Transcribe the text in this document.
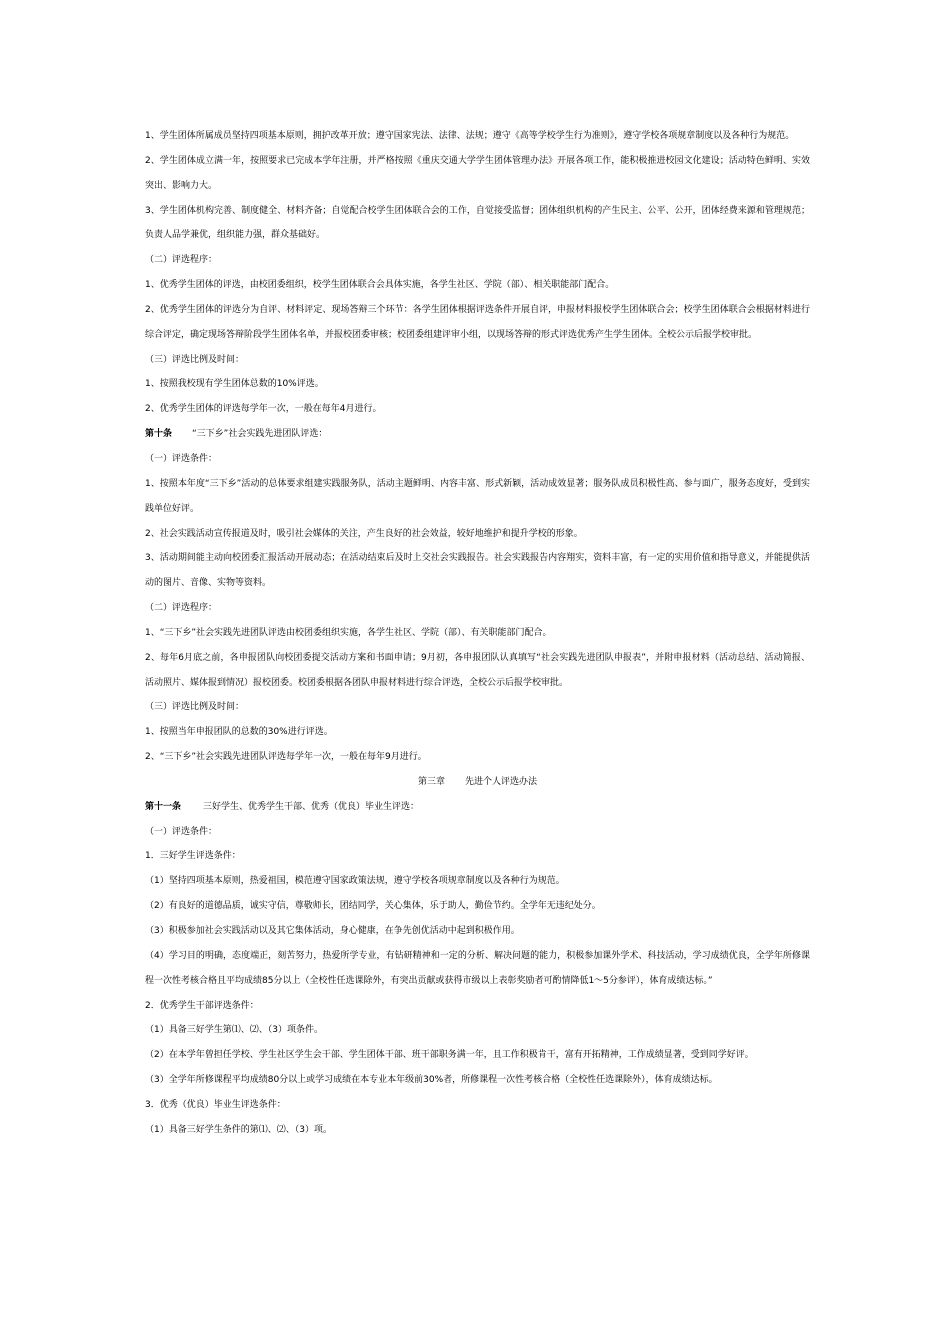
1、学生团体所属成员坚持四项基本原则，拥护改革开放；遵守国家宪法、法律、法规；遵守《高等学校学生行为准则》，遵守学校各项规章制度以及各种行为规范。

2、学生团体成立满一年，按照要求已完成本学年注册，并严格按照《重庆交通大学学生团体管理办法》开展各项工作，能积极推进校园文化建设；活动特色鲜明、实效突出、影响力大。

3、学生团体机构完善、制度健全、材料齐备；自觉配合校学生团体联合会的工作，自觉接受监督；团体组织机构的产生民主、公平、公开，团体经费来源和管理规范；负责人品学兼优，组织能力强，群众基础好。

（二）评选程序：

1、优秀学生团体的评选，由校团委组织，校学生团体联合会具体实施，各学生社区、学院（部）、相关职能部门配合。

2、优秀学生团体的评选分为自评、材料评定、现场答辩三个环节：各学生团体根据评选条件开展自评，申报材料报校学生团体联合会；校学生团体联合会根据材料进行综合评定，确定现场答辩阶段学生团体名单，并报校团委审核；校团委组建评审小组，以现场答辩的形式评选优秀产生学生团体。全校公示后报学校审批。

（三）评选比例及时间：

1、按照我校现有学生团体总数的10%评选。

2、优秀学生团体的评选每学年一次，一般在每年4月进行。

第十条 “三下乡”社会实践先进团队评选：

（一）评选条件：

1、按照本年度“三下乡”活动的总体要求组建实践服务队，活动主题鲜明、内容丰富、形式新颖，活动成效显著；服务队成员积极性高、参与面广，服务态度好，受到实践单位好评。

2、社会实践活动宣传报道及时，吸引社会媒体的关注，产生良好的社会效益，较好地维护和提升学校的形象。

3、活动期间能主动向校团委汇报活动开展动态；在活动结束后及时上交社会实践报告。社会实践报告内容翔实，资料丰富，有一定的实用价值和指导意义，并能提供活动的图片、音像、实物等资料。

（二）评选程序：

1、“三下乡”社会实践先进团队评选由校团委组织实施，各学生社区、学院（部）、有关职能部门配合。

2、每年6月底之前，各申报团队向校团委提交活动方案和书面申请；9月初，各申报团队认真填写“社会实践先进团队申报表”，并附申报材料（活动总结、活动简报、活动照片、媒体报到情况）报校团委。校团委根据各团队申报材料进行综合评选，全校公示后报学校审批。

（三）评选比例及时间：

1、按照当年申报团队的总数的30%进行评选。

2、“三下乡”社会实践先进团队评选每学年一次，一般在每年9月进行。

第三章 先进个人评选办法

第十一条 三好学生、优秀学生干部、优秀（优良）毕业生评选：

（一）评选条件：

1．三好学生评选条件：

（1）坚持四项基本原则，热爱祖国，模范遵守国家政策法规，遵守学校各项规章制度以及各种行为规范。

（2）有良好的道德品质，诚实守信，尊敬师长，团结同学，关心集体，乐于助人，勤俭节约。全学年无违纪处分。

（3）积极参加社会实践活动以及其它集体活动，身心健康，在争先创优活动中起到积极作用。

（4）学习目的明确，态度端正，刻苦努力，热爱所学专业，有钻研精神和一定的分析、解决问题的能力，积极参加课外学术、科技活动，学习成绩优良，全学年所修课程一次性考核合格且平均成绩85分以上（全校性任选课除外，有突出贡献或获得市级以上表彰奖励者可酌情降低1～5分参评），体育成绩达标。”

2．优秀学生干部评选条件：

（1）具备三好学生第⑴、⑵、（3）项条件。

（2）在本学年曾担任学校、学生社区学生会干部、学生团体干部、班干部职务满一年，且工作积极肯干，富有开拓精神，工作成绩显著，受到同学好评。

（3）全学年所修课程平均成绩80分以上或学习成绩在本专业本年级前30%者，所修课程一次性考核合格（全校性任选课除外），体育成绩达标。

3．优秀（优良）毕业生评选条件：

（1）具备三好学生条件的第⑴、⑵、（3）项。
